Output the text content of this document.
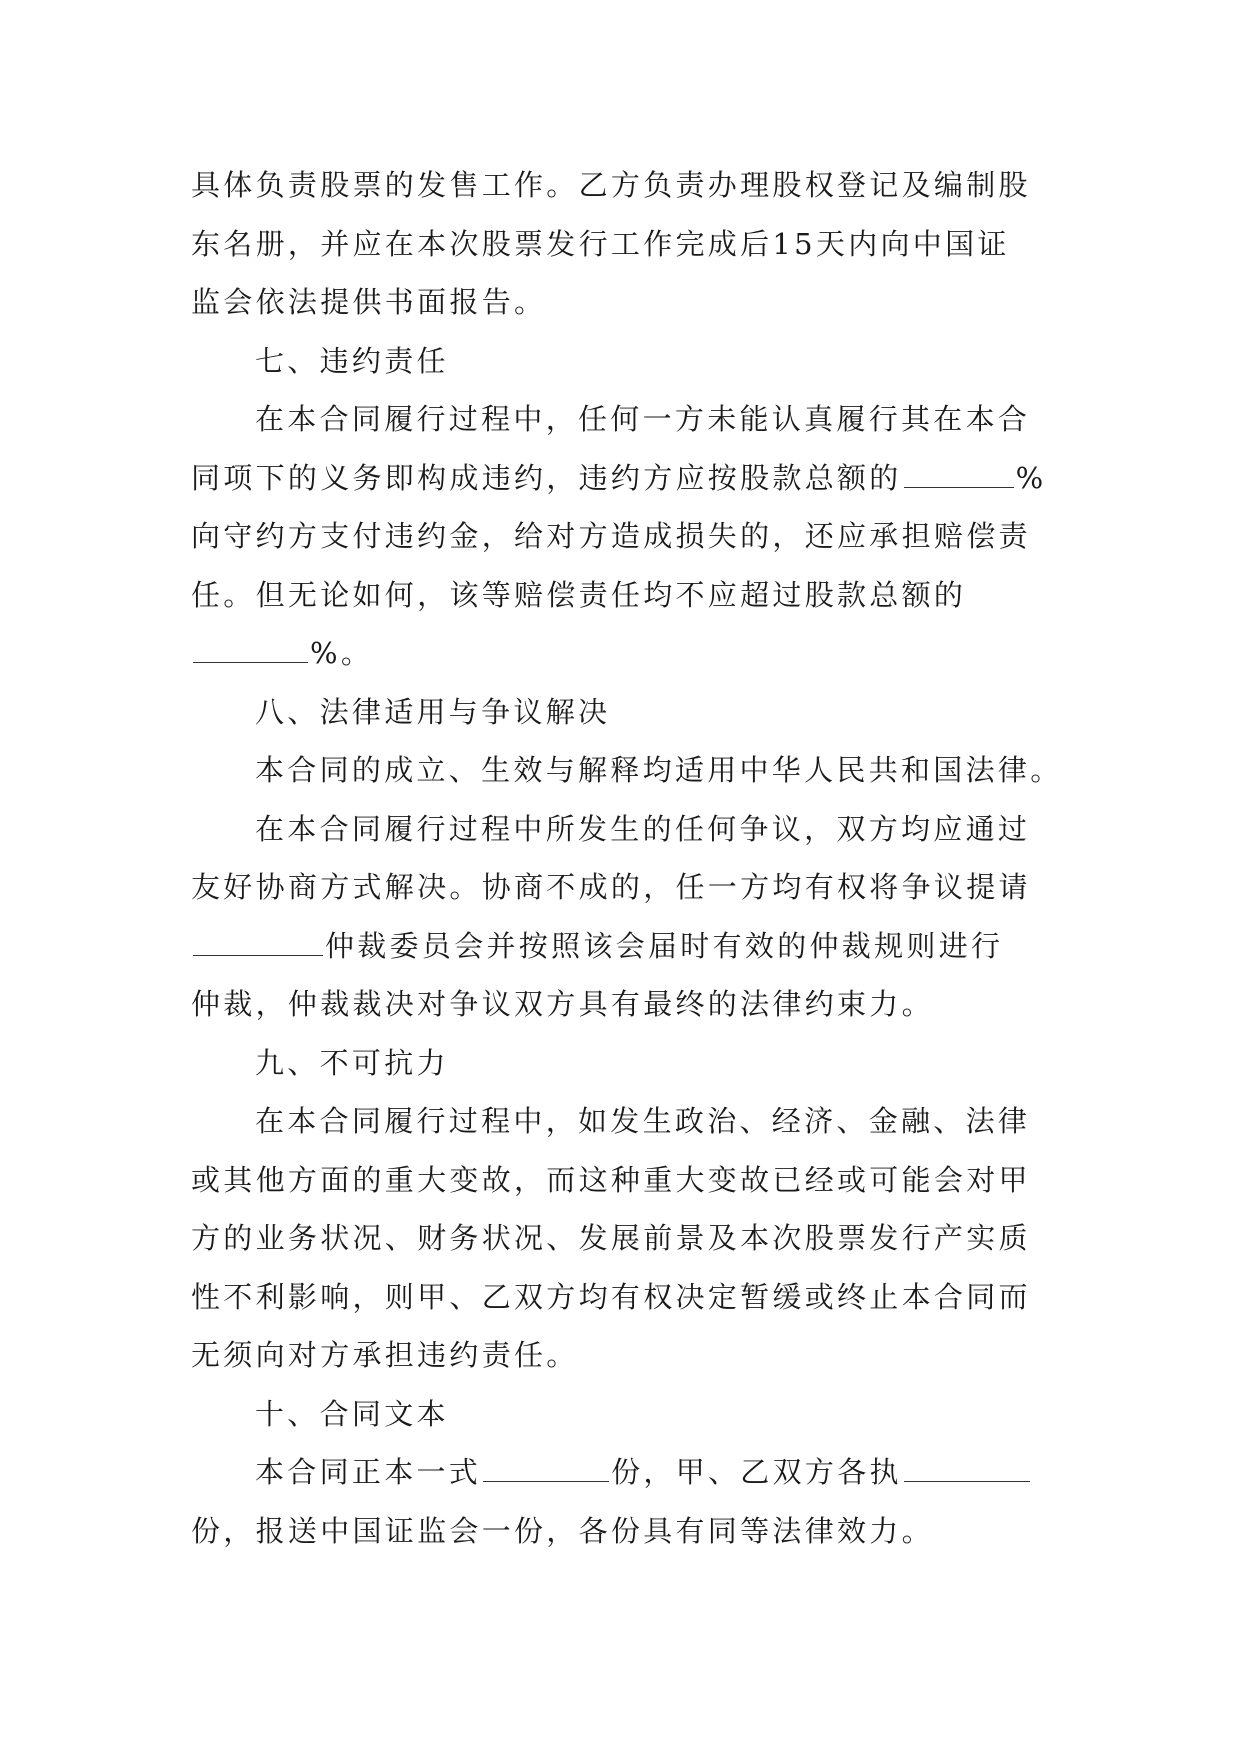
具体负责股票的发售工作。乙方负责办理股权登记及编制股
东名册，并应在本次股票发行工作完成后15天内向中国证
监会依法提供书面报告。
七、违约责任
在本合同履行过程中，任何一方未能认真履行其在本合
同项下的义务即构成违约，违约方应按股款总额的	%
向守约方支付违约金，给对方造成损失的，还应承担赔偿责
任。但无论如何，该等赔偿责任均不应超过股款总额的
%。
八、法律适用与争议解决
本合同的成立、生效与解释均适用中华人民共和国法律。
在本合同履行过程中所发生的任何争议，双方均应通过
友好协商方式解决。协商不成的，任一方均有权将争议提请
仲裁委员会并按照该会届时有效的仲裁规则进行
仲裁，仲裁裁决对争议双方具有最终的法律约束力。
九、不可抗力
在本合同履行过程中，如发生政治、经济、金融、法律
或其他方面的重大变故，而这种重大变故已经或可能会对甲
方的业务状况、财务状况、发展前景及本次股票发行产实质
性不利影响，则甲、乙双方均有权决定暂缓或终止本合同而
无须向对方承担违约责任。
十、合同文本
本合同正本一式	份，甲、乙双方各执
份，报送中国证监会一份，各份具有同等法律效力。
